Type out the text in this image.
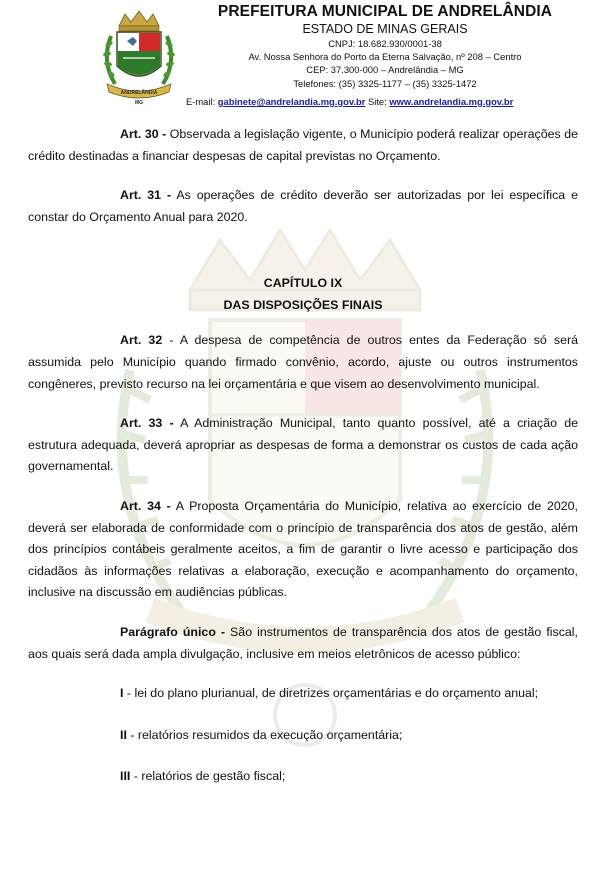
ANDRELÂNDIA
MG
PREFEITURA MUNICIPAL DE ANDRELÂNDIA
ESTADO DE MINAS GERAIS
CNPJ: 18.682.930/0001-38
Av. Nossa Senhora do Porto da Eterna Salvação, nº 208 – Centro
CEP: 37.300-000 – Andrelândia – MG
Telefones: (35) 3325-1177 – (35) 3325-1472
E-mail: gabinete@andrelandia.mg.gov.br Site: www.andrelandia.mg.gov.br

Art. 30 - Observada a legislação vigente, o Município poderá realizar operações de crédito destinadas a financiar despesas de capital previstas no Orçamento.

Art. 31 - As operações de crédito deverão ser autorizadas por lei específica e constar do Orçamento Anual para 2020.

CAPÍTULO IX

DAS DISPOSIÇÕES FINAIS

Art. 32 - A despesa de competência de outros entes da Federação só será assumida pelo Município quando firmado convênio, acordo, ajuste ou outros instrumentos congêneres, previsto recurso na lei orçamentária e que visem ao desenvolvimento municipal.

Art. 33 - A Administração Municipal, tanto quanto possível, até a criação de estrutura adequada, deverá apropriar as despesas de forma a demonstrar os custos de cada ação governamental.

Art. 34 - A Proposta Orçamentária do Município, relativa ao exercício de 2020, deverá ser elaborada de conformidade com o princípio de transparência dos atos de gestão, além dos princípios contábeis geralmente aceitos, a fim de garantir o livre acesso e participação dos cidadãos às informações relativas a elaboração, execução e acompanhamento do orçamento, inclusive na discussão em audiências públicas.

Parágrafo único - São instrumentos de transparência dos atos de gestão fiscal, aos quais será dada ampla divulgação, inclusive em meios eletrônicos de acesso público:

I - lei do plano plurianual, de diretrizes orçamentárias e do orçamento anual;

II - relatórios resumidos da execução orçamentária;

III - relatórios de gestão fiscal;
